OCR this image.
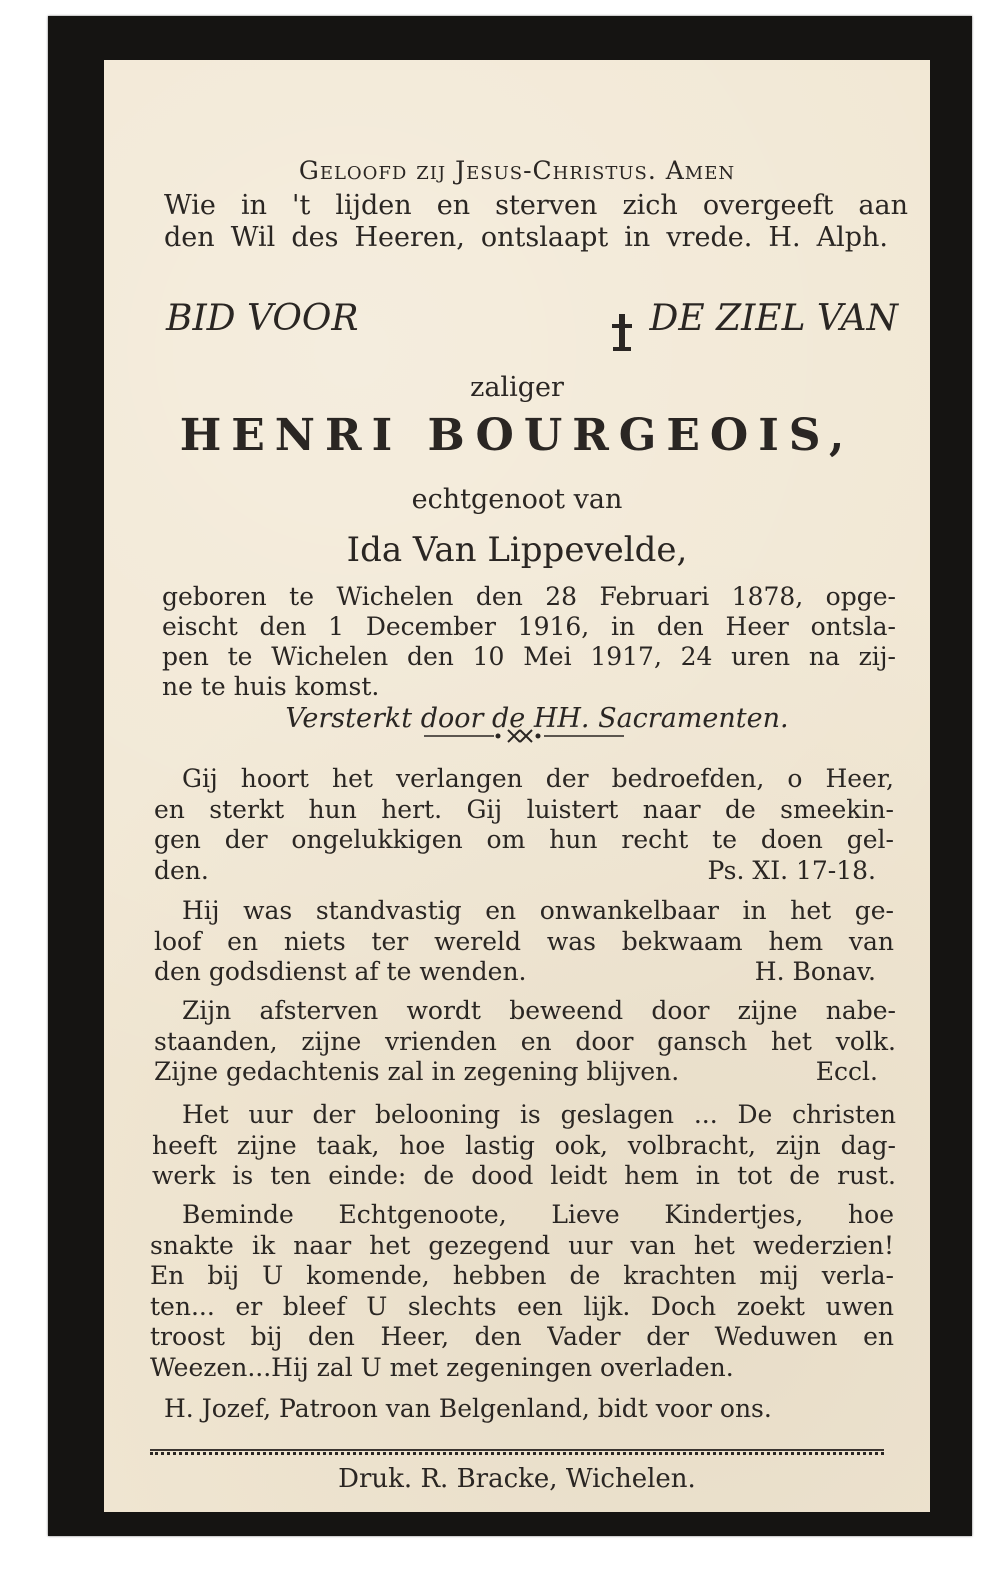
Geloofd zij Jesus-Christus. Amen
Wie in 't lijden en sterven zich overgeeft aan
den Wil des Heeren, ontslaapt in vrede. H. Alph.
BID VOOR	DE ZIEL VAN
zaliger
HENRI BOURGEOIS,
echtgenoot van
Ida Van Lippevelde,
geboren te Wichelen den 28 Februari 1878, opge-
eischt den 1 December 1916, in den Heer ontsla-
pen te Wichelen den 10 Mei 1917, 24 uren na zij-
ne te huis komst.
Versterkt door de HH. Sacramenten.
Gij hoort het verlangen der bedroefden, o Heer,
en sterkt hun hert. Gij luistert naar de smeekin-
gen der ongelukkigen om hun recht te doen gel-
den.	Ps. XI. 17-18.
Hij was standvastig en onwankelbaar in het ge-
loof en niets ter wereld was bekwaam hem van
den godsdienst af te wenden.	H. Bonav.
Zijn afsterven wordt beweend door zijne nabe-
staanden, zijne vrienden en door gansch het volk.
Zijne gedachtenis zal in zegening blijven.	Eccl.
Het uur der belooning is geslagen ... De christen
heeft zijne taak, hoe lastig ook, volbracht, zijn dag-
werk is ten einde: de dood leidt hem in tot de rust.
Beminde Echtgenoote, Lieve Kindertjes, hoe
snakte ik naar het gezegend uur van het wederzien!
En bij U komende, hebben de krachten mij verla-
ten... er bleef U slechts een lijk. Doch zoekt uwen
troost bij den Heer, den Vader der Weduwen en
Weezen...Hij zal U met zegeningen overladen.
H. Jozef, Patroon van Belgenland, bidt voor ons.
Druk. R. Bracke, Wichelen.
